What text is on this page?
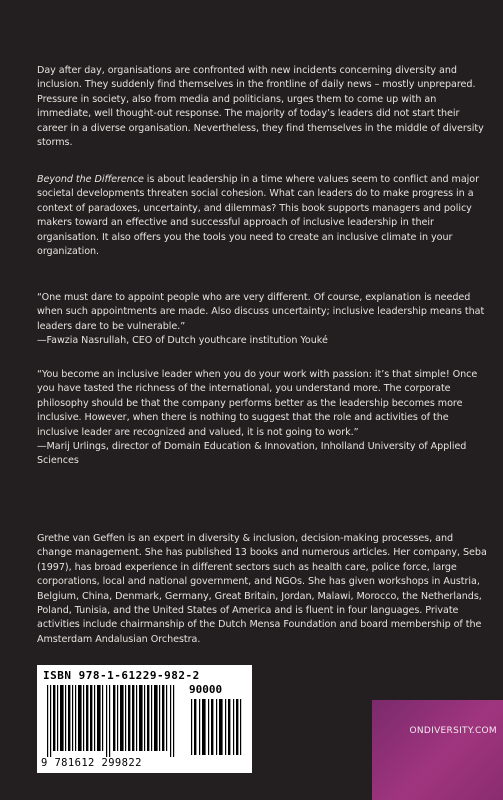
Day after day, organisations are confronted with new incidents concerning diversity and inclusion. They suddenly find themselves in the frontline of daily news – mostly unprepared. Pressure in society, also from media and politicians, urges them to come up with an immediate, well thought-out response. The majority of today’s leaders did not start their career in a diverse organisation. Nevertheless, they find themselves in the middle of diversity storms.

Beyond the Difference is about leadership in a time where values seem to conflict and major societal developments threaten social cohesion. What can leaders do to make progress in a context of paradoxes, uncertainty, and dilemmas? This book supports managers and policy makers toward an effective and successful approach of inclusive leadership in their organisation. It also offers you the tools you need to create an inclusive climate in your organization.

“One must dare to appoint people who are very different. Of course, explanation is needed when such appointments are made. Also discuss uncertainty; inclusive leadership means that leaders dare to be vulnerable.”

—Fawzia Nasrullah, CEO of Dutch youthcare institution Youké

“You become an inclusive leader when you do your work with passion: it’s that simple! Once you have tasted the richness of the international, you understand more. The corporate philosophy should be that the company performs better as the leadership becomes more inclusive. However, when there is nothing to suggest that the role and activities of the inclusive leader are recognized and valued, it is not going to work.”

—Marij Urlings, director of Domain Education & Innovation, Inholland University of Applied Sciences

Grethe van Geffen is an expert in diversity & inclusion, decision-making processes, and change management. She has published 13 books and numerous articles. Her company, Seba (1997), has broad experience in different sectors such as health care, police force, large corporations, local and national government, and NGOs. She has given workshops in Austria, Belgium, China, Denmark, Germany, Great Britain, Jordan, Malawi, Morocco, the Netherlands, Poland, Tunisia, and the United States of America and is fluent in four languages. Private activities include chairmanship of the Dutch Mensa Foundation and board membership of the Amsterdam Andalusian Orchestra.

ISBN 978-1-61229-982-2
90000
9 781612 299822
ONDIVERSITY.COM
